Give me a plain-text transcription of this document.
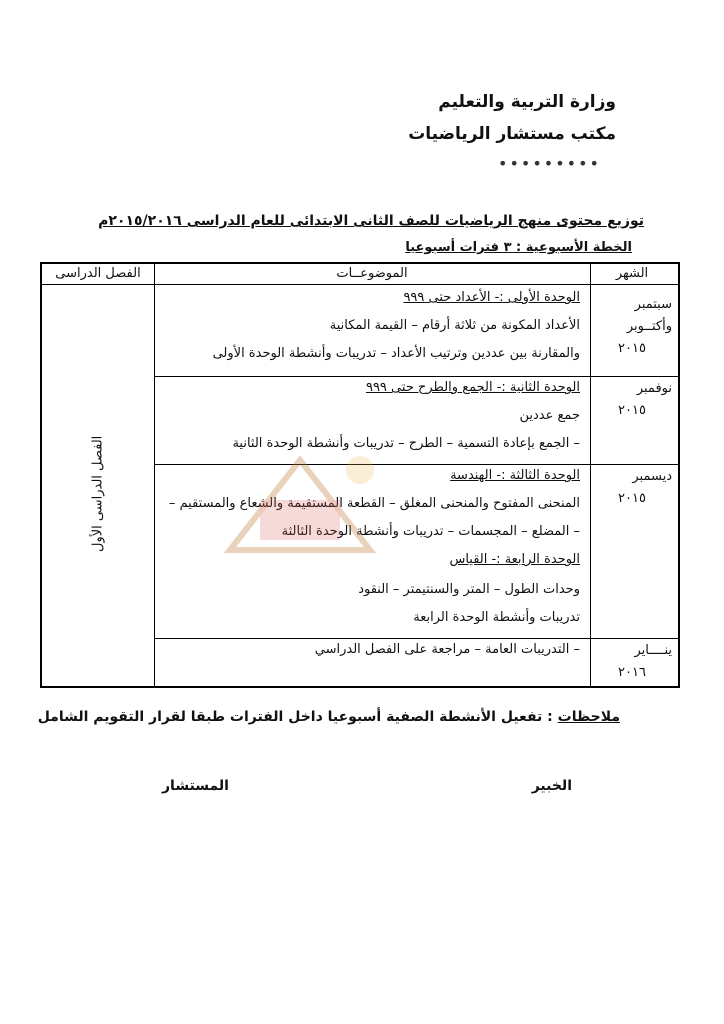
وزارة التربية والتعليم
مكتب مستشار الرياضيات
•••••••••
توزيع محتوى منهج الرياضيات للصف الثانى الابتدائى للعام الدراسى ٢٠١٥/٢٠١٦م
الخطة الأسبوعية : ٣ فترات أسبوعيا
الشهر
الموضوعــات
الفصل الدراسى
سبتمبر
وأكتــوبر
٢٠١٥
الوحدة الأولى :- الأعداد حتى ٩٩٩
الأعداد المكونة من ثلاثة أرقام – القيمة المكانية
والمقارنة بين عددين وترتيب الأعداد – تدريبات وأنشطة الوحدة الأولى
نوفمبر
٢٠١٥
الوحدة الثانية :- الجمع والطرح حتى ٩٩٩
جمع عددين
– الجمع بإعادة التسمية – الطرح – تدريبات وأنشطة الوحدة الثانية
ديسمبر
٢٠١٥
الوحدة الثالثة :- الهندسة
المنحنى المفتوح والمنحنى المغلق – القطعة المستقيمة والشعاع والمستقيم –
– المضلع – المجسمات – تدريبات وأنشطة الوحدة الثالثة
الوحدة الرابعة :- القياس
وحدات الطول – المتر والسنتيمتر – النقود
تدريبات وأنشطة الوحدة الرابعة
ينــــاير
٢٠١٦
– التدريبات العامة – مراجعة على الفصل الدراسي
الفصل الدراسى الأول
ملاحظات : تفعيل الأنشطة الصفية أسبوعيا داخل الفترات طبقا لقرار التقويم الشامل
الخبير
المستشار
